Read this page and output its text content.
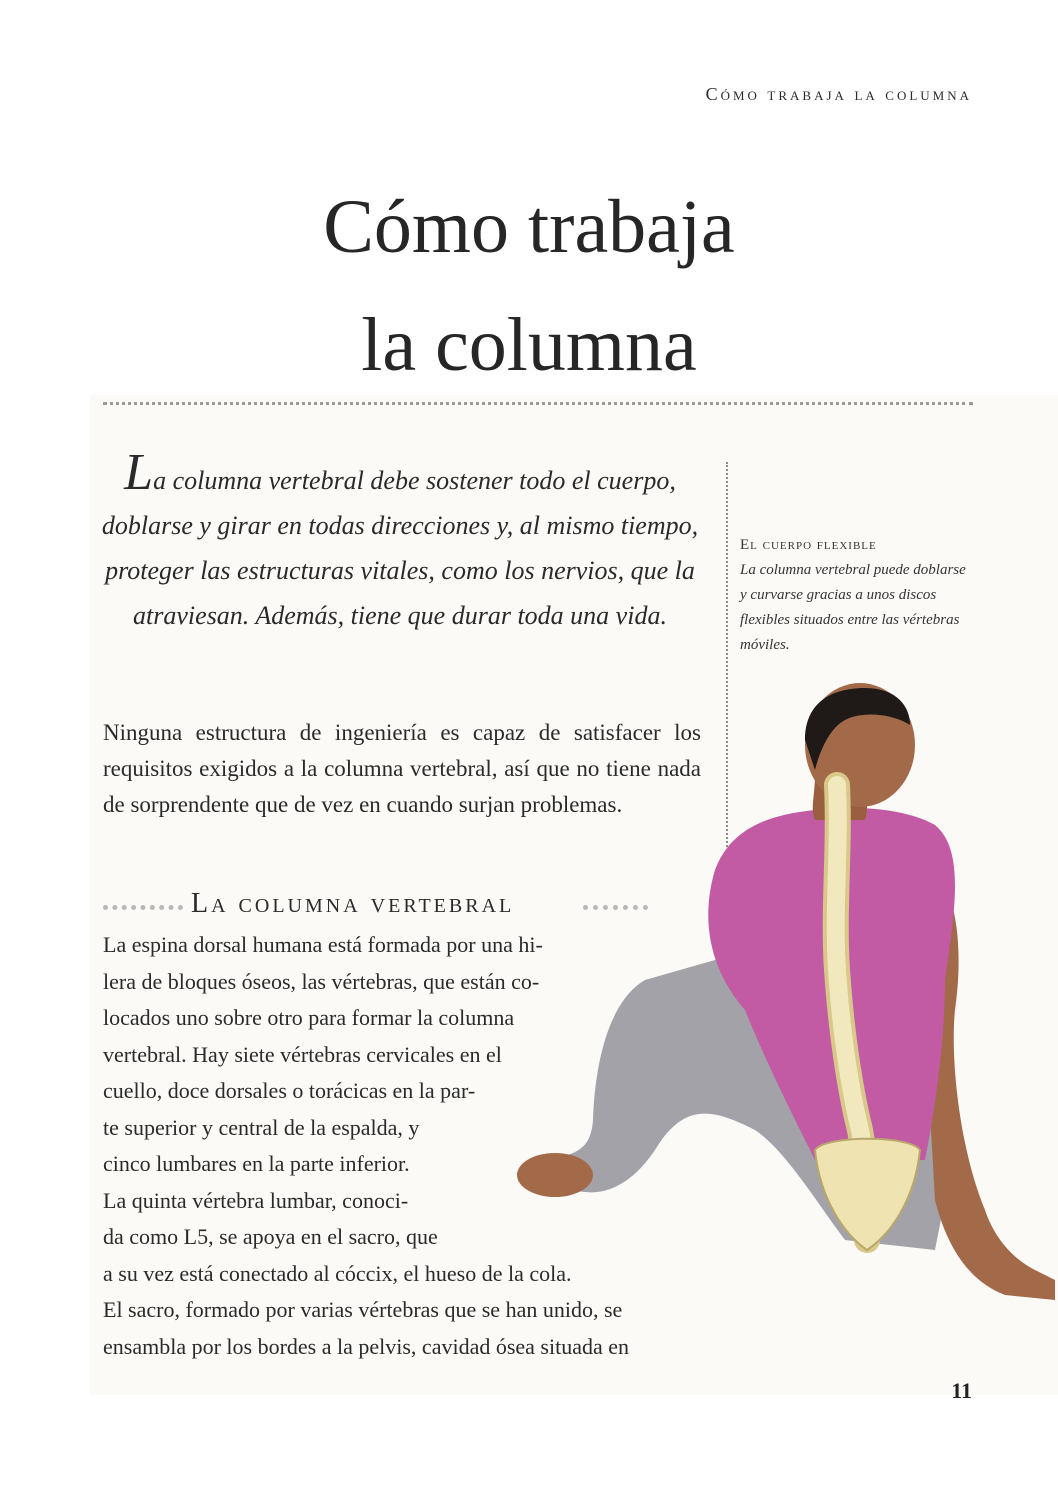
Cómo trabaja la columna
Cómo trabaja
la columna

La columna vertebral debe sostener todo el cuerpo, doblarse y girar en todas direcciones y, al mismo tiempo, proteger las estructuras vitales, como los nervios, que la atraviesan. Además, tiene que durar toda una vida.

El cuerpo flexible
La columna vertebral puede doblarse y curvarse gracias a unos discos flexibles situados entre las vértebras móviles.

Ninguna estructura de ingeniería es capaz de satisfacer los requisitos exigidos a la columna vertebral, así que no tiene nada de sorprendente que de vez en cuando surjan problemas.

La columna vertebral
La espina dorsal humana está formada por una hi-
lera de bloques óseos, las vértebras, que están co-
locados uno sobre otro para formar la columna
vertebral. Hay siete vértebras cervicales en el
cuello, doce dorsales o torácicas en la par-
te superior y central de la espalda, y
cinco lumbares en la parte inferior.
La quinta vértebra lumbar, conoci-
da como L5, se apoya en el sacro, que
a su vez está conectado al cóccix, el hueso de la cola.
El sacro, formado por varias vértebras que se han unido, se
ensambla por los bordes a la pelvis, cavidad ósea situada en
11
